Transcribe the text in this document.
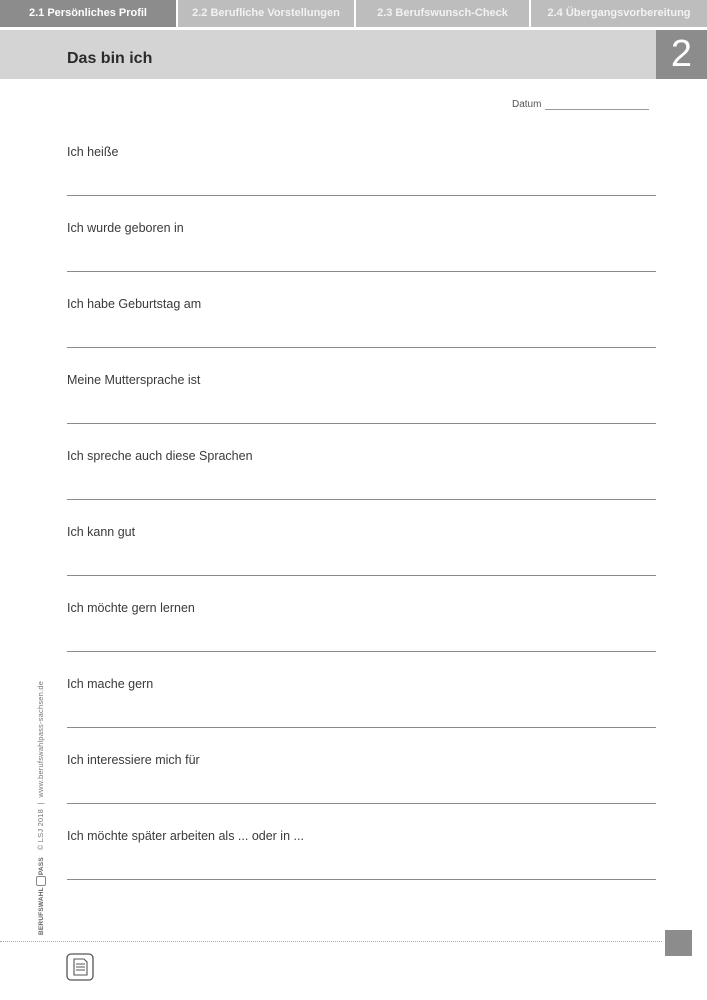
2.1 Persönliches Profil	2.2 Berufliche Vorstellungen	2.3 Berufswunsch-Check	2.4 Übergangsvorbereitung
Das bin ich	2
Datum
Ich heiße
Ich wurde geboren in
Ich habe Geburtstag am
Meine Muttersprache ist
Ich spreche auch diese Sprachen
Ich kann gut
Ich möchte gern lernen
Ich mache gern
Ich interessiere mich für
Ich möchte später arbeiten als ... oder in ...
BERUFSWAHLPASS   © LSJ 2018  |  www.berufswahlpass-sachsen.de
